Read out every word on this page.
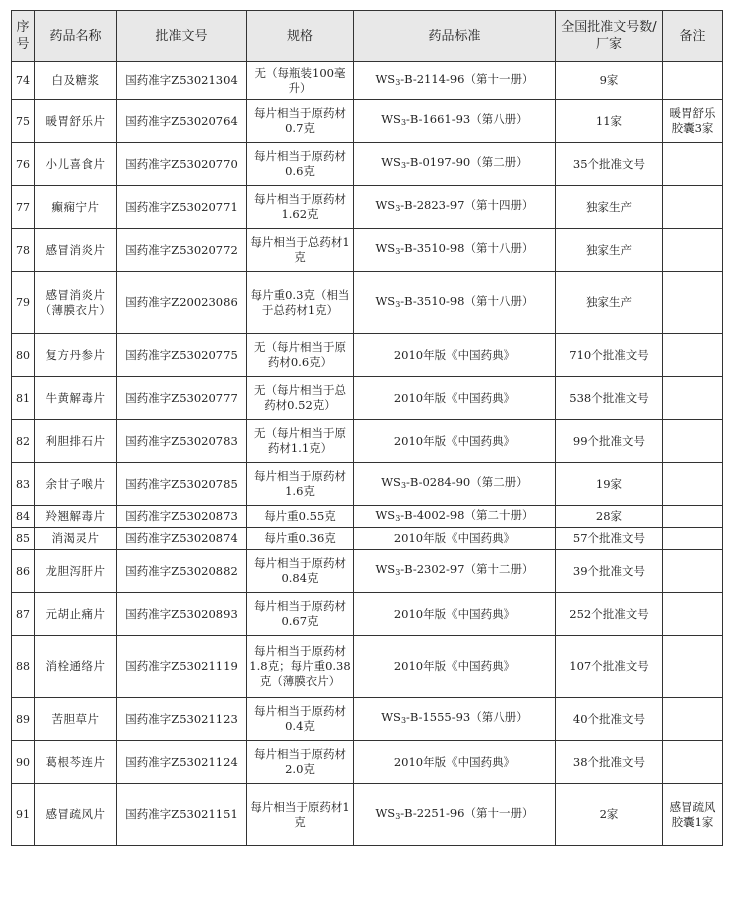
序号	药品名称	批准文号	规格	药品标准	全国批准文号数/厂家	备注
74	白及糖浆	国药准字Z53021304	无（每瓶装100毫升）	$WS_3-B-2114-96$（第十一册）	9家	
75	暖胃舒乐片	国药准字Z53020764	每片相当于原药材0.7克	$WS_3-B-1661-93$（第八册）	11家	暖胃舒乐胶囊3家
76	小儿喜食片	国药准字Z53020770	每片相当于原药材0.6克	$WS_3-B-0197-90$（第二册）	35个批准文号	
77	癫痫宁片	国药准字Z53020771	每片相当于原药材1.62克	$WS_3-B-2823-97$（第十四册）	独家生产	
78	感冒消炎片	国药准字Z53020772	每片相当于总药材1克	$WS_3-B-3510-98$（第十八册）	独家生产	
79	感冒消炎片（薄膜衣片）	国药准字Z20023086	每片重0.3克（相当于总药材1克）	$WS_3-B-3510-98$（第十八册）	独家生产	
80	复方丹参片	国药准字Z53020775	无（每片相当于原药材0.6克）	2010年版《中国药典》	710个批准文号	
81	牛黄解毒片	国药准字Z53020777	无（每片相当于总药材0.52克）	2010年版《中国药典》	538个批准文号	
82	利胆排石片	国药准字Z53020783	无（每片相当于原药材1.1克）	2010年版《中国药典》	99个批准文号	
83	余甘子喉片	国药准字Z53020785	每片相当于原药材1.6克	$WS_3-B-0284-90$（第二册）	19家	
84	羚翘解毒片	国药准字Z53020873	每片重0.55克	$WS_3-B-4002-98$（第二十册）	28家	
85	消渴灵片	国药准字Z53020874	每片重0.36克	2010年版《中国药典》	57个批准文号	
86	龙胆泻肝片	国药准字Z53020882	每片相当于原药材0.84克	$WS_3-B-2302-97$（第十二册）	39个批准文号	
87	元胡止痛片	国药准字Z53020893	每片相当于原药材0.67克	2010年版《中国药典》	252个批准文号	
88	消栓通络片	国药准字Z53021119	每片相当于原药材1.8克；每片重0.38克（薄膜衣片）	2010年版《中国药典》	107个批准文号	
89	苦胆草片	国药准字Z53021123	每片相当于原药材0.4克	$WS_3-B-1555-93$（第八册）	40个批准文号	
90	葛根芩连片	国药准字Z53021124	每片相当于原药材2.0克	2010年版《中国药典》	38个批准文号	
91	感冒疏风片	国药准字Z53021151	每片相当于原药材1克	$WS_3-B-2251-96$（第十一册）	2家	感冒疏风胶囊1家
